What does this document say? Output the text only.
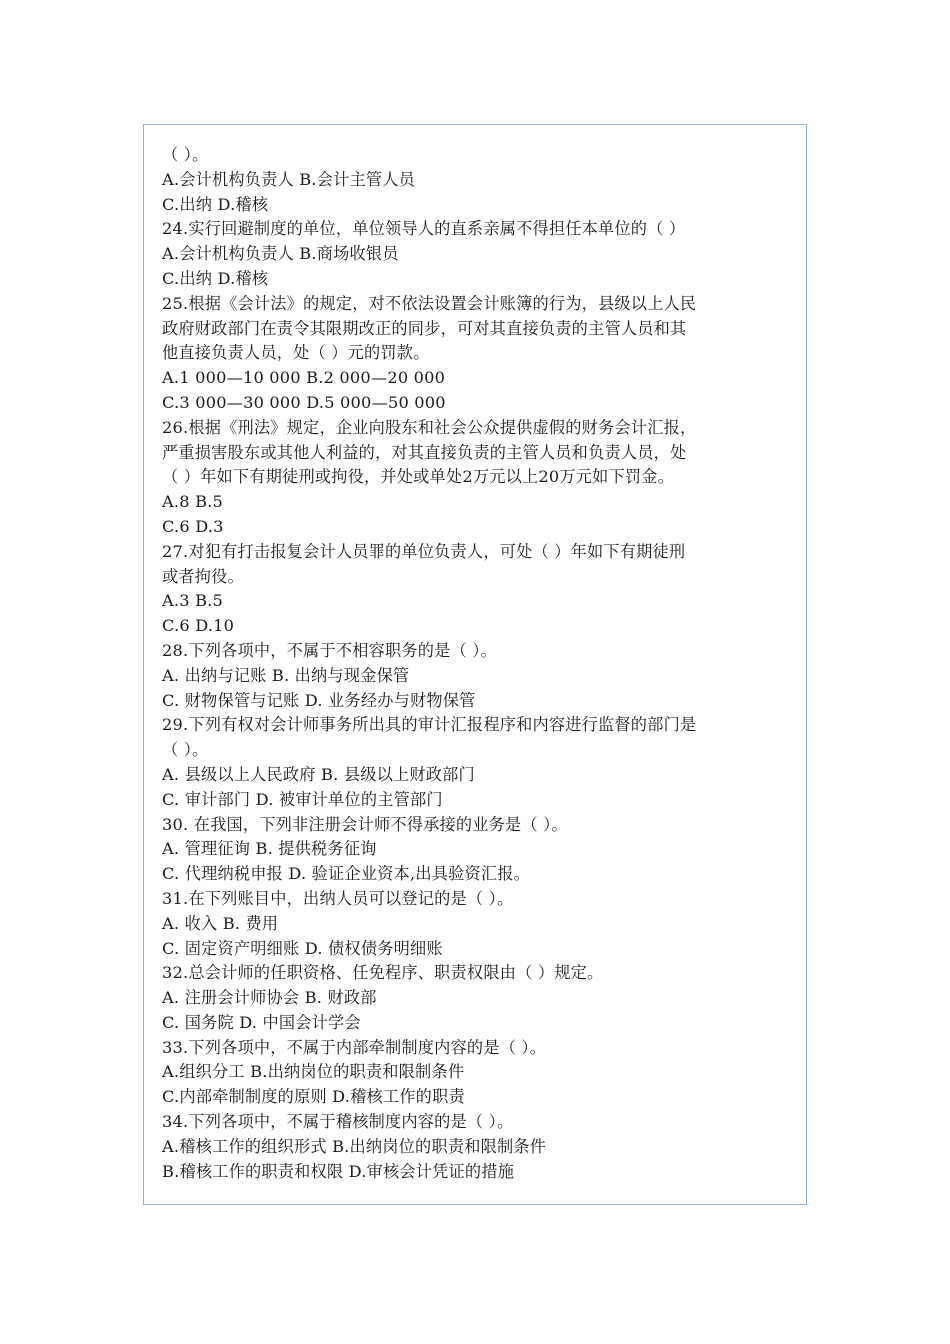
（ ）。
A.会计机构负责人 B.会计主管人员
C.出纳 D.稽核
24.实行回避制度的单位，单位领导人的直系亲属不得担任本单位的（ ）
A.会计机构负责人 B.商场收银员
C.出纳 D.稽核
25.根据《会计法》的规定，对不依法设置会计账簿的行为，县级以上人民
政府财政部门在责令其限期改正的同步，可对其直接负责的主管人员和其
他直接负责人员，处（ ）元的罚款。
A.1 000—10 000 B.2 000—20 000
C.3 000—30 000 D.5 000—50 000
26.根据《刑法》规定，企业向股东和社会公众提供虚假的财务会计汇报，
严重损害股东或其他人利益的，对其直接负责的主管人员和负责人员，处
（ ）年如下有期徒刑或拘役，并处或单处2万元以上20万元如下罚金。
A.8 B.5
C.6 D.3
27.对犯有打击报复会计人员罪的单位负责人，可处（ ）年如下有期徒刑
或者拘役。
A.3 B.5
C.6 D.10
28.下列各项中，不属于不相容职务的是（ ）。
A. 出纳与记账 B. 出纳与现金保管
C. 财物保管与记账 D. 业务经办与财物保管
29.下列有权对会计师事务所出具的审计汇报程序和内容进行监督的部门是
（ ）。
A. 县级以上人民政府 B. 县级以上财政部门
C. 审计部门 D. 被审计单位的主管部门
30. 在我国，下列非注册会计师不得承接的业务是（ ）。
A. 管理征询 B. 提供税务征询
C. 代理纳税申报 D. 验证企业资本,出具验资汇报。
31.在下列账目中，出纳人员可以登记的是（ ）。
A. 收入 B. 费用
C. 固定资产明细账 D. 债权债务明细账
32.总会计师的任职资格、任免程序、职责权限由（ ）规定。
A. 注册会计师协会 B. 财政部
C. 国务院 D. 中国会计学会
33.下列各项中，不属于内部牵制制度内容的是（ ）。
A.组织分工 B.出纳岗位的职责和限制条件
C.内部牵制制度的原则 D.稽核工作的职责
34.下列各项中，不属于稽核制度内容的是（ ）。
A.稽核工作的组织形式 B.出纳岗位的职责和限制条件
B.稽核工作的职责和权限 D.审核会计凭证的措施
